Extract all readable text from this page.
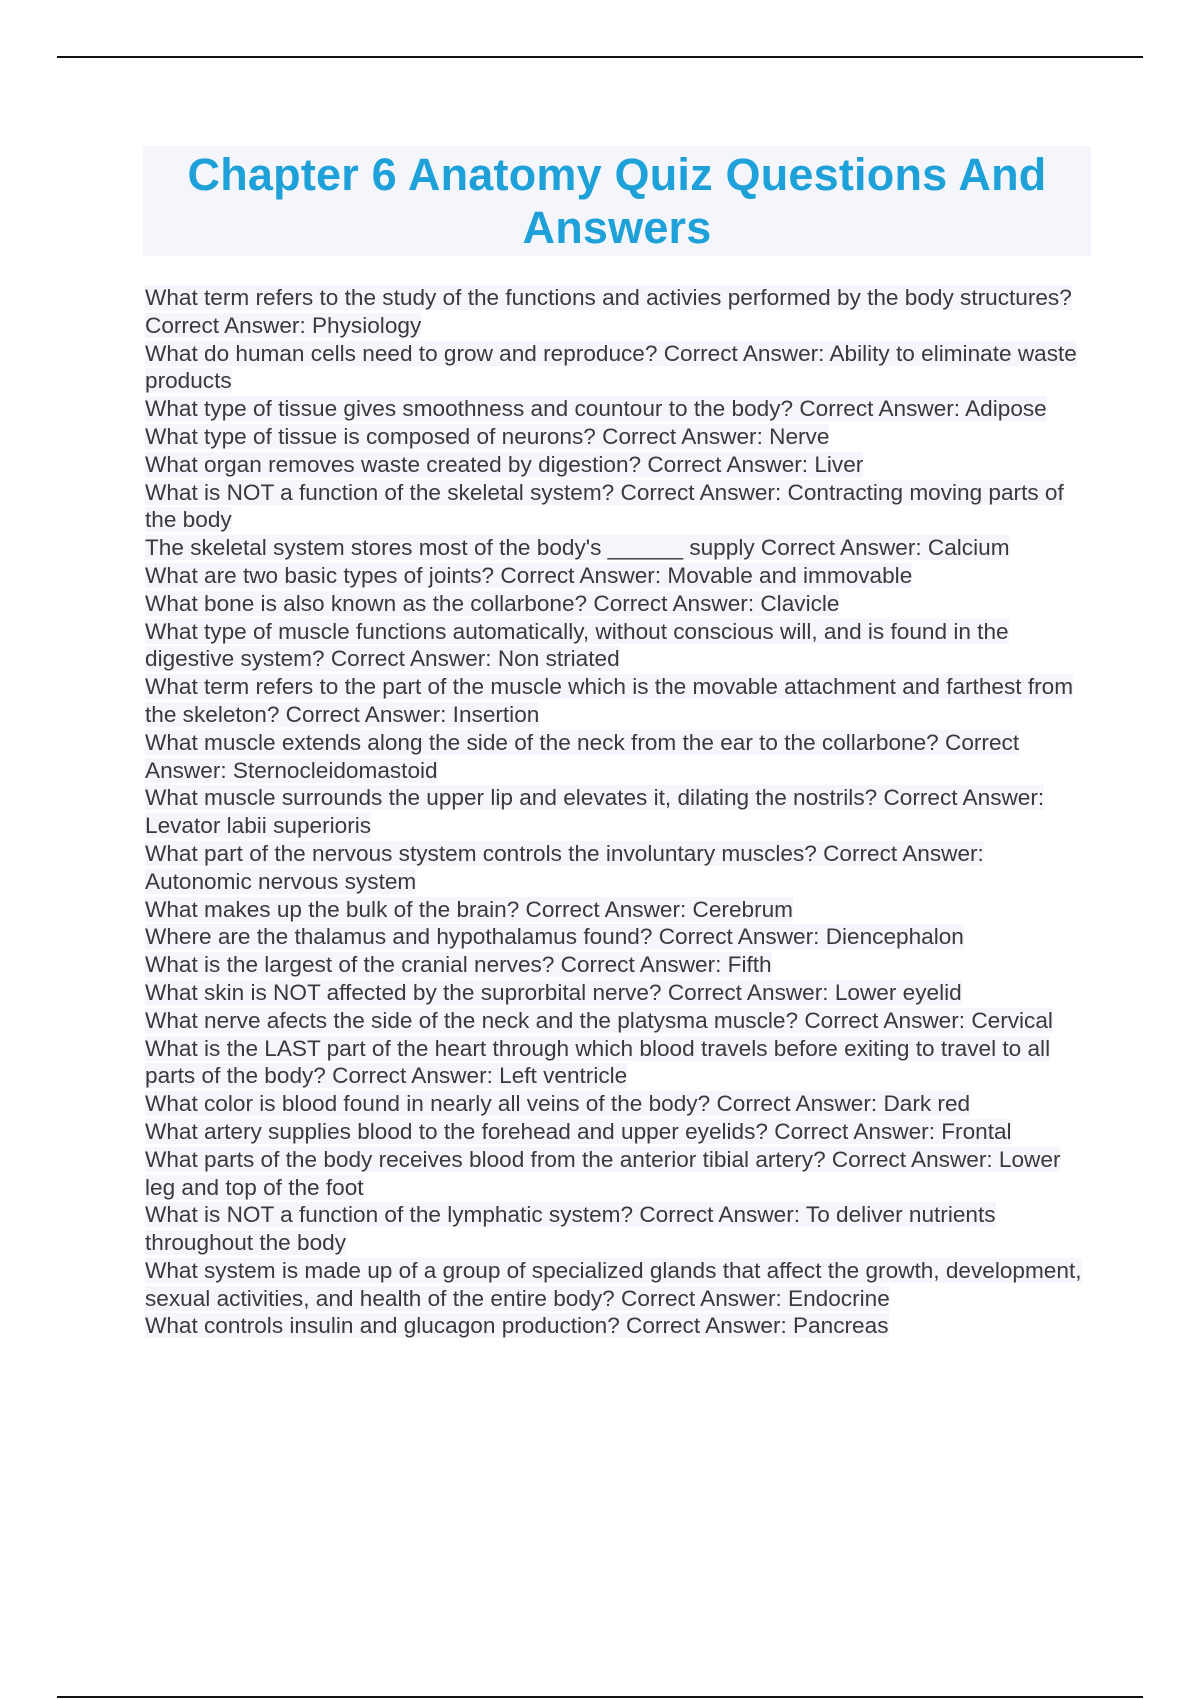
Chapter 6 Anatomy Quiz Questions And Answers
What term refers to the study of the functions and activies performed by the body structures? Correct Answer: Physiology
What do human cells need to grow and reproduce? Correct Answer: Ability to eliminate waste products
What type of tissue gives smoothness and countour to the body? Correct Answer: Adipose
What type of tissue is composed of neurons? Correct Answer: Nerve
What organ removes waste created by digestion? Correct Answer: Liver
What is NOT a function of the skeletal system? Correct Answer: Contracting moving parts of the body
The skeletal system stores most of the body's ______ supply Correct Answer: Calcium
What are two basic types of joints? Correct Answer: Movable and immovable
What bone is also known as the collarbone? Correct Answer: Clavicle
What type of muscle functions automatically, without conscious will, and is found in the digestive system? Correct Answer: Non striated
What term refers to the part of the muscle which is the movable attachment and farthest from the skeleton? Correct Answer: Insertion
What muscle extends along the side of the neck from the ear to the collarbone? Correct Answer: Sternocleidomastoid
What muscle surrounds the upper lip and elevates it, dilating the nostrils? Correct Answer: Levator labii superioris
What part of the nervous stystem controls the involuntary muscles? Correct Answer: Autonomic nervous system
What makes up the bulk of the brain? Correct Answer: Cerebrum
Where are the thalamus and hypothalamus found? Correct Answer: Diencephalon
What is the largest of the cranial nerves? Correct Answer: Fifth
What skin is NOT affected by the suprorbital nerve? Correct Answer: Lower eyelid
What nerve afects the side of the neck and the platysma muscle? Correct Answer: Cervical
What is the LAST part of the heart through which blood travels before exiting to travel to all parts of the body? Correct Answer: Left ventricle
What color is blood found in nearly all veins of the body? Correct Answer: Dark red
What artery supplies blood to the forehead and upper eyelids? Correct Answer: Frontal
What parts of the body receives blood from the anterior tibial artery? Correct Answer: Lower leg and top of the foot
What is NOT a function of the lymphatic system? Correct Answer: To deliver nutrients throughout the body
What system is made up of a group of specialized glands that affect the growth, development, sexual activities, and health of the entire body? Correct Answer: Endocrine
What controls insulin and glucagon production? Correct Answer: Pancreas
